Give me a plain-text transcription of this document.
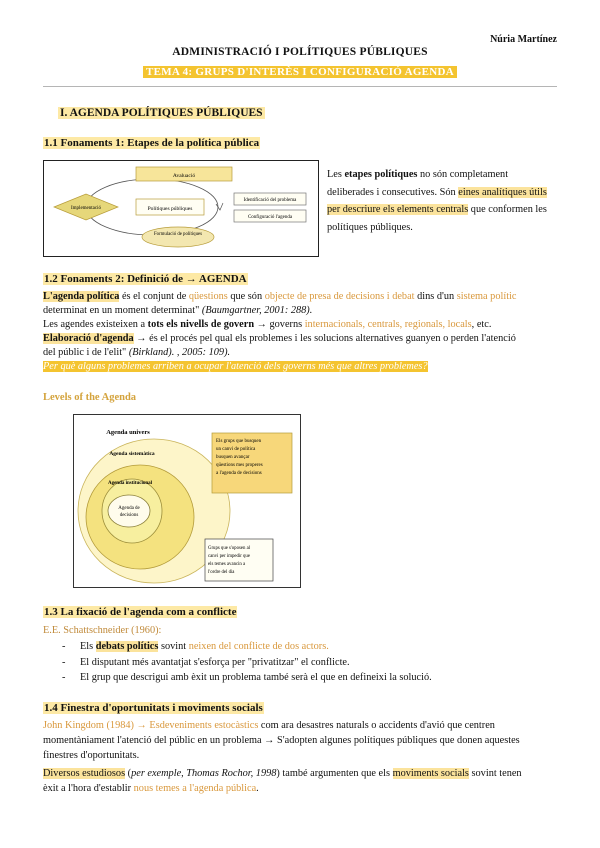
Núria Martínez
ADMINISTRACIÓ I POLÍTIQUES PÚBLIQUES
TEMA 4: GRUPS D'INTERÈS I CONFIGURACIÓ AGENDA
I. AGENDA POLÍTIQUES PÚBLIQUES
1.1 Fonaments 1: Etapes de la política pública
Avaluació
Polítiques públiques
Implementació
Formulació de polítiques
Identificació del problema
Configuració l'agenda
Les etapes polítiques no són completament deliberades i consecutives. Són eines analítiques útils per descriure els elements centrals que conformen les polítiques públiques.
1.2 Fonaments 2: Definició de → AGENDA
L'agenda política és el conjunt de qüestions que són objecte de presa de decisions i debat dins d'un sistema polític
determinat en un moment determinat" (Baumgartner, 2001: 288).
Les agendes existeixen a tots els nivells de govern → governs internacionals, centrals, regionals, locals, etc.
Elaboració d'agenda → és el procés pel qual els problemes i les solucions alternatives guanyen o perden l'atenció
del públic i de l'elit" (Birkland). , 2005: 109).
Per què alguns problemes arriben a ocupar l'atenció dels governs més que altres problemes?
Levels of the Agenda
Agenda univers
Agenda sistemàtica
Agenda institucional
Agenda de
decisions
Els grups que busquen
un canvi de política
busquen avançar
qüestions mes properes
a l'agenda de decisions
Grups que s'oposen al
canvi per impedir que
els temes avancin a
l'ordre del dia
1.3 La fixació de l'agenda com a conflicte
E.E. Schattschneider (1960):
- Els debats polítics sovint neixen del conflicte de dos actors.
- El disputant més avantatjat s'esforça per "privatitzar" el conflicte.
- El grup que descrigui amb èxit un problema també serà el que en defineixi la solució.
1.4 Finestra d'oportunitats i moviments socials
John Kingdom (1984) → Esdeveniments estocàstics com ara desastres naturals o accidents d'avió que centren
momentàniament l'atenció del públic en un problema → S'adopten algunes polítiques públiques que donen aquestes
finestres d'oportunitats.
Diversos estudiosos (per exemple, Thomas Rochor, 1998) també argumenten que els moviments socials sovint tenen
èxit a l'hora d'establir nous temes a l'agenda pública.
